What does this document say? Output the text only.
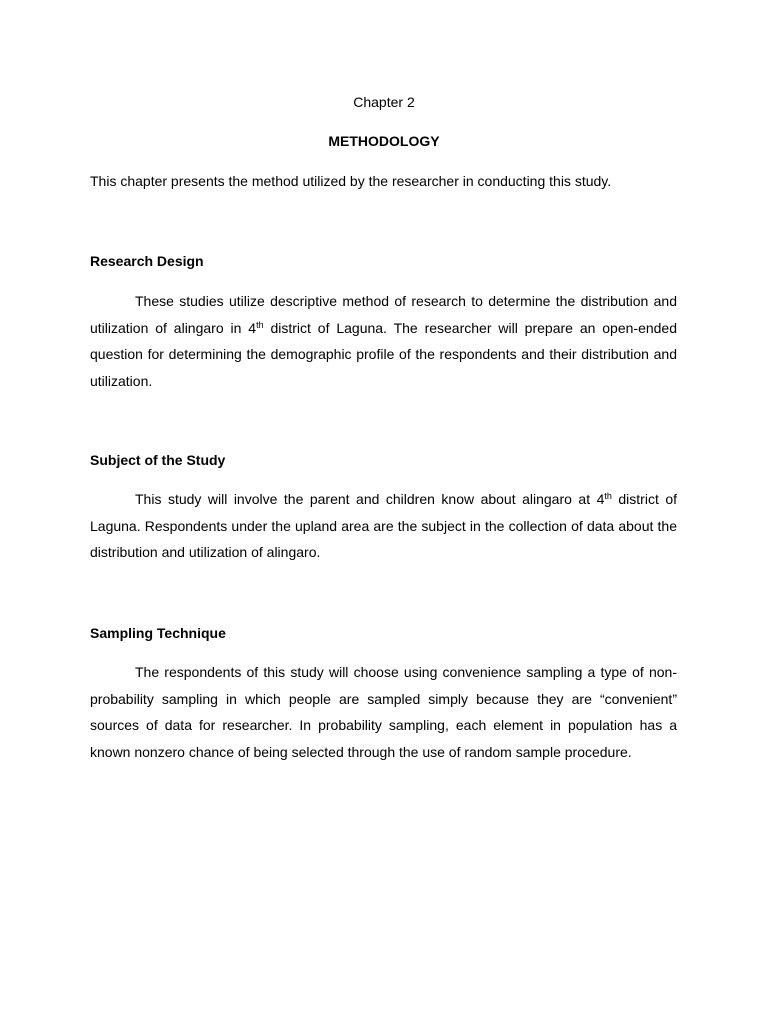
Chapter 2

METHODOLOGY

This chapter presents the method utilized by the researcher in conducting this study.

Research Design

These studies utilize descriptive method of research to determine the distribution and utilization of alingaro in 4th district of Laguna. The researcher will prepare an open-ended question for determining the demographic profile of the respondents and their distribution and utilization.

Subject of the Study

This study will involve the parent and children know about alingaro at 4th district of Laguna. Respondents under the upland area are the subject in the collection of data about the distribution and utilization of alingaro.

Sampling Technique

The respondents of this study will choose using convenience sampling a type of non-probability sampling in which people are sampled simply because they are “convenient” sources of data for researcher. In probability sampling, each element in population has a known nonzero chance of being selected through the use of random sample procedure.
